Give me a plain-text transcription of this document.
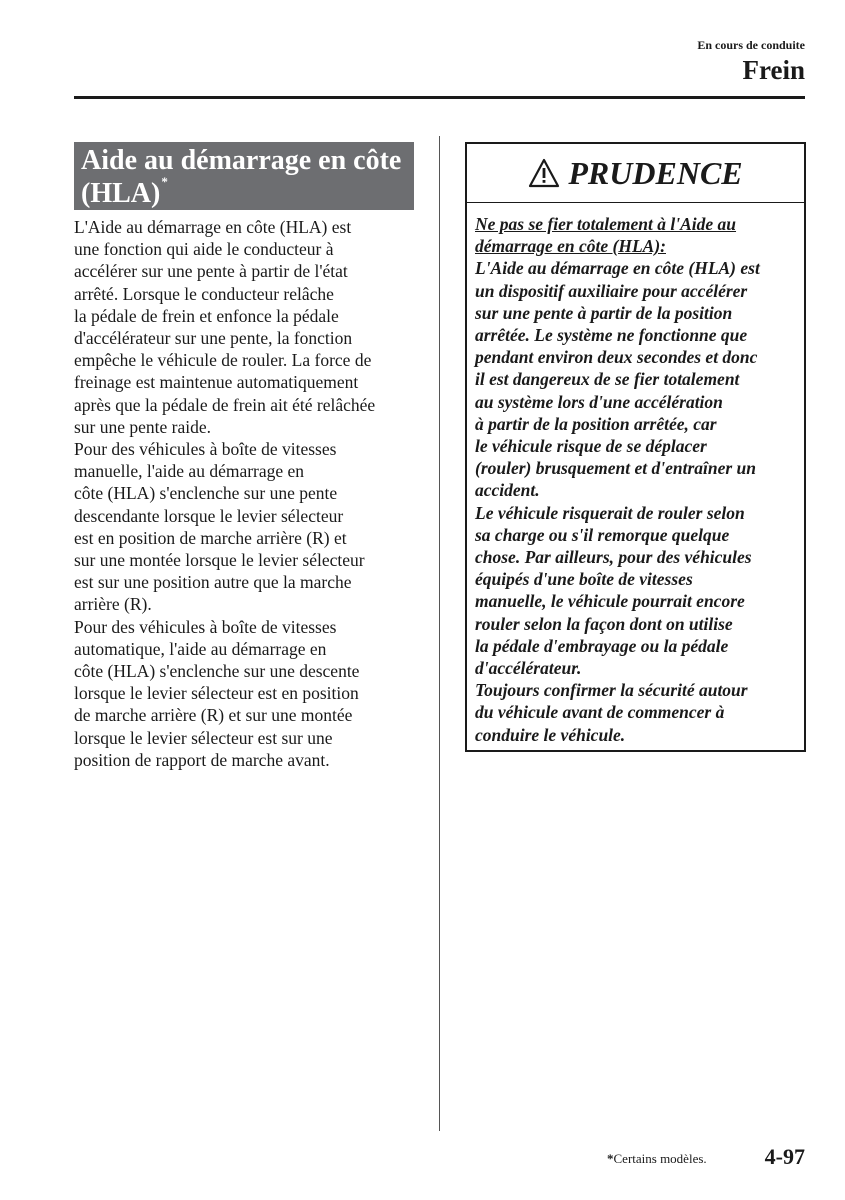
En cours de conduite
Frein
Aide au démarrage en côte (HLA)*

L'Aide au démarrage en côte (HLA) est
une fonction qui aide le conducteur à
accélérer sur une pente à partir de l'état
arrêté. Lorsque le conducteur relâche
la pédale de frein et enfonce la pédale
d'accélérateur sur une pente, la fonction
empêche le véhicule de rouler. La force de
freinage est maintenue automatiquement
après que la pédale de frein ait été relâchée
sur une pente raide.

Pour des véhicules à boîte de vitesses
manuelle, l'aide au démarrage en
côte (HLA) s'enclenche sur une pente
descendante lorsque le levier sélecteur
est en position de marche arrière (R) et
sur une montée lorsque le levier sélecteur
est sur une position autre que la marche
arrière (R).

Pour des véhicules à boîte de vitesses
automatique, l'aide au démarrage en
côte (HLA) s'enclenche sur une descente
lorsque le levier sélecteur est en position
de marche arrière (R) et sur une montée
lorsque le levier sélecteur est sur une
position de rapport de marche avant.

PRUDENCE

Ne pas se fier totalement à l'Aide au
démarrage en côte (HLA):

L'Aide au démarrage en côte (HLA) est
un dispositif auxiliaire pour accélérer
sur une pente à partir de la position
arrêtée. Le système ne fonctionne que
pendant environ deux secondes et donc
il est dangereux de se fier totalement
au système lors d'une accélération
à partir de la position arrêtée, car
le véhicule risque de se déplacer
(rouler) brusquement et d'entraîner un
accident.

Le véhicule risquerait de rouler selon
sa charge ou s'il remorque quelque
chose. Par ailleurs, pour des véhicules
équipés d'une boîte de vitesses
manuelle, le véhicule pourrait encore
rouler selon la façon dont on utilise
la pédale d'embrayage ou la pédale
d'accélérateur.

Toujours confirmer la sécurité autour
du véhicule avant de commencer à
conduire le véhicule.

*Certains modèles.	4-97
